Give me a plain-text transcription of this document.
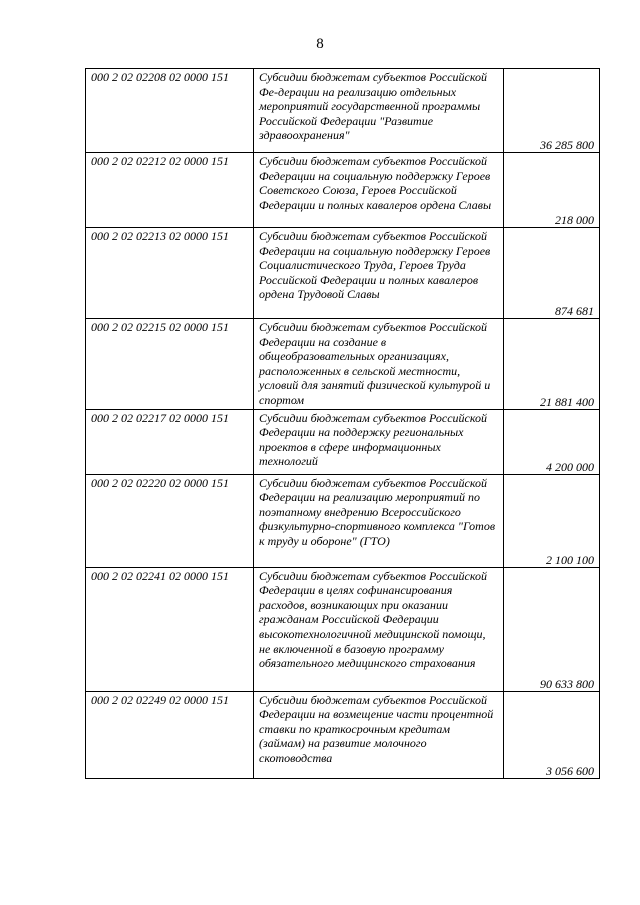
8
000 2 02 02208 02 0000 151	Субсидии бюджетам субъектов Российской Фе-дерации на реализацию отдельных мероприятий государственной программы Российской Федерации "Развитие здравоохранения"	36 285 800
000 2 02 02212 02 0000 151	Субсидии бюджетам субъектов Российской Федерации на социальную поддержку Героев Советского Союза, Героев Российской Федерации и полных кавалеров ордена Славы	218 000
000 2 02 02213 02 0000 151	Субсидии бюджетам субъектов Российской Федерации на социальную поддержку Героев Социалистического Труда, Героев Труда Российской Федерации и полных кавалеров ордена Трудовой Славы	874 681
000 2 02 02215 02 0000 151	Субсидии бюджетам субъектов Российской Федерации на создание в общеобразовательных организациях, расположенных в сельской местности, условий для занятий физической культурой и спортом	21 881 400
000 2 02 02217 02 0000 151	Субсидии бюджетам субъектов Российской Федерации на поддержку региональных проектов в сфере информационных технологий	4 200 000
000 2 02 02220 02 0000 151	Субсидии бюджетам субъектов Российской Федерации на реализацию мероприятий по поэтапному внедрению Всероссийского физкультурно-спортивного комплекса "Готов к труду и обороне" (ГТО)	2 100 100
000 2 02 02241 02 0000 151	Субсидии бюджетам субъектов Российской Федерации в целях софинансирования расходов, возникающих при оказании гражданам Российской Федерации высокотехнологичной медицинской помощи, не включенной в базовую программу обязательного медицинского страхования	90 633 800
000 2 02 02249 02 0000 151	Субсидии бюджетам субъектов Российской Федерации на возмещение части процентной ставки по краткосрочным кредитам (займам) на развитие молочного скотоводства	3 056 600
